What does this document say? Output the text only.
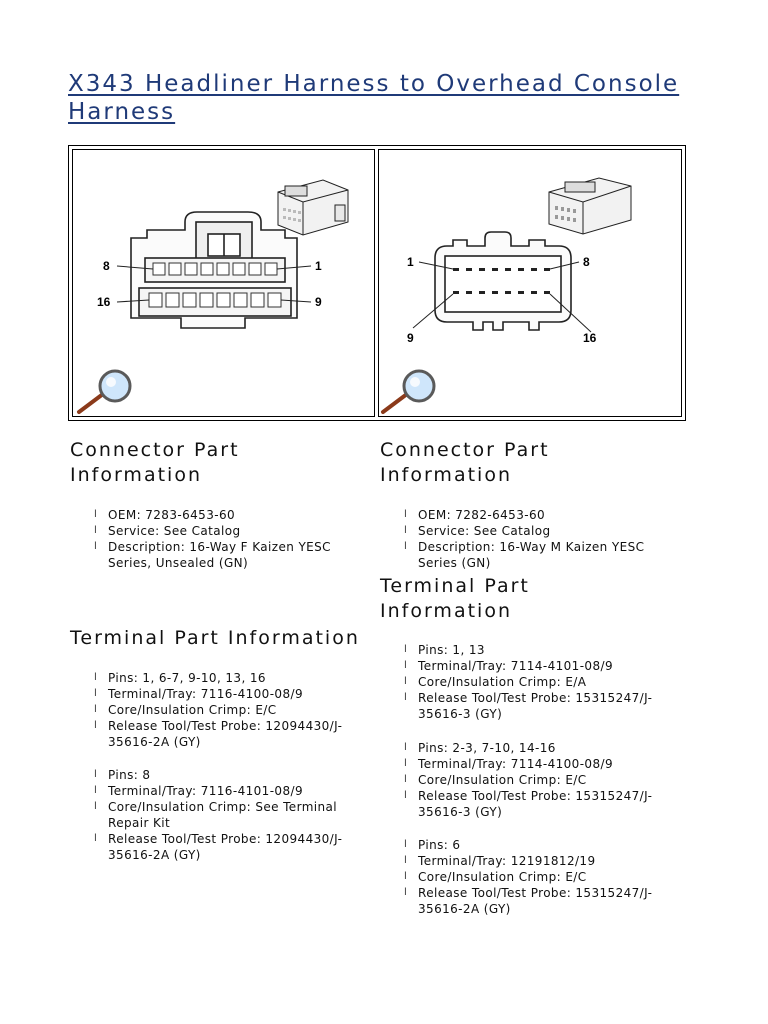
X343 Headliner Harness to Overhead Console Harness
8	1
16	9
1	8
9	16
Connector Part
Information
l OEM: 7283-6453-60
l Service: See Catalog
l Description: 16-Way F Kaizen YESC Series, Unsealed (GN)
Terminal Part Information
l Pins: 1, 6-7, 9-10, 13, 16
l Terminal/Tray: 7116-4100-08/9
l Core/Insulation Crimp: E/C
l Release Tool/Test Probe: 12094430/J-35616-2A (GY)
l Pins: 8
l Terminal/Tray: 7116-4101-08/9
l Core/Insulation Crimp: See Terminal Repair Kit
l Release Tool/Test Probe: 12094430/J-35616-2A (GY)
Connector Part
Information
l OEM: 7282-6453-60
l Service: See Catalog
l Description: 16-Way M Kaizen YESC Series (GN)
Terminal Part
Information
l Pins: 1, 13
l Terminal/Tray: 7114-4101-08/9
l Core/Insulation Crimp: E/A
l Release Tool/Test Probe: 15315247/J-35616-3 (GY)
l Pins: 2-3, 7-10, 14-16
l Terminal/Tray: 7114-4100-08/9
l Core/Insulation Crimp: E/C
l Release Tool/Test Probe: 15315247/J-35616-3 (GY)
l Pins: 6
l Terminal/Tray: 12191812/19
l Core/Insulation Crimp: E/C
l Release Tool/Test Probe: 15315247/J-35616-2A (GY)
